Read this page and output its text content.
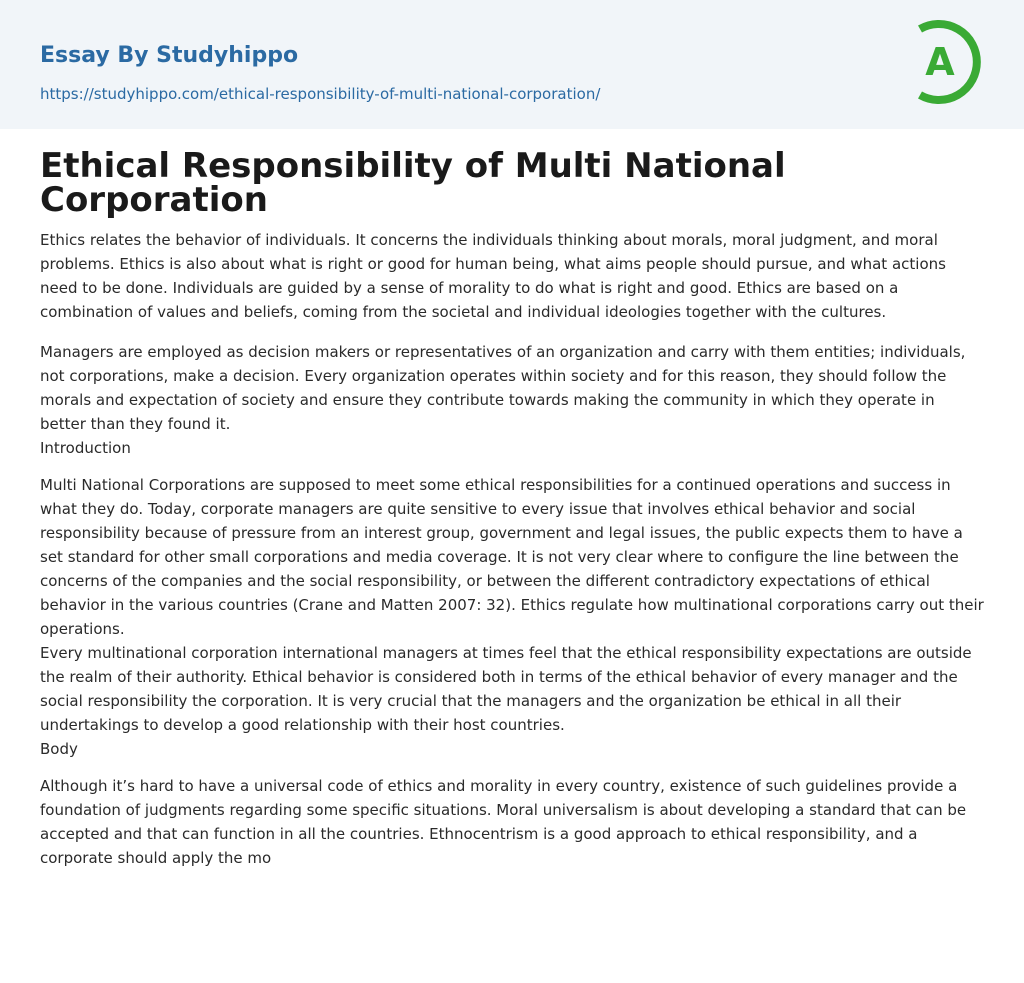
Essay By Studyhippo
https://studyhippo.com/ethical-responsibility-of-multi-national-corporation/
A
Ethical Responsibility of Multi National Corporation

Ethics relates the behavior of individuals. It concerns the individuals thinking about morals, moral judgment, and moral problems. Ethics is also about what is right or good for human being, what aims people should pursue, and what actions need to be done. Individuals are guided by a sense of morality to do what is right and good. Ethics are based on a combination of values and beliefs, coming from the societal and individual ideologies together with the cultures.

Managers are employed as decision makers or representatives of an organization and carry with them entities; individuals, not corporations, make a decision. Every organization operates within society and for this reason, they should follow the morals and expectation of society and ensure they contribute towards making the community in which they operate in better than they found it.

Introduction

Multi National Corporations are supposed to meet some ethical responsibilities for a continued operations and success in what they do. Today, corporate managers are quite sensitive to every issue that involves ethical behavior and social responsibility because of pressure from an interest group, government and legal issues, the public expects them to have a set standard for other small corporations and media coverage. It is not very clear where to configure the line between the concerns of the companies and the social responsibility, or between the different contradictory expectations of ethical behavior in the various countries (Crane and Matten 2007: 32). Ethics regulate how multinational corporations carry out their operations.

Every multinational corporation international managers at times feel that the ethical responsibility expectations are outside the realm of their authority. Ethical behavior is considered both in terms of the ethical behavior of every manager and the social responsibility the corporation. It is very crucial that the managers and the organization be ethical in all their undertakings to develop a good relationship with their host countries.

Body

Although it’s hard to have a universal code of ethics and morality in every country, existence of such guidelines provide a foundation of judgments regarding some specific situations. Moral universalism is about developing a standard that can be accepted and that can function in all the countries. Ethnocentrism is a good approach to ethical responsibility, and a corporate should apply the mo
